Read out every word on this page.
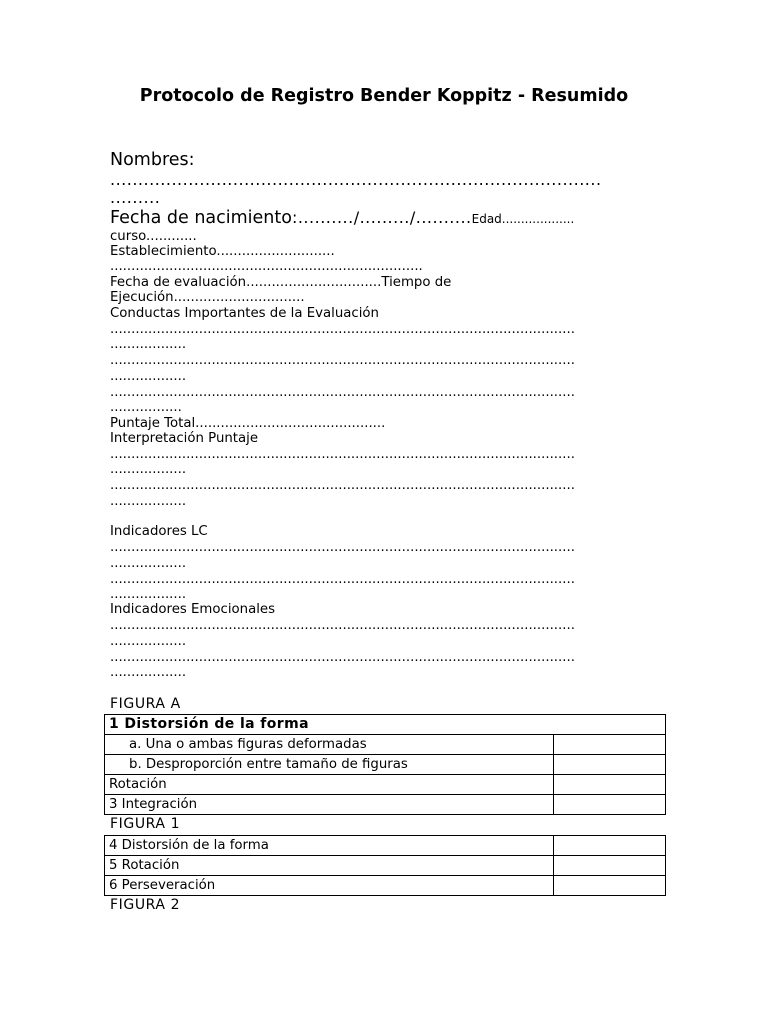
Protocolo de Registro Bender Koppitz - Resumido
Nombres:
........................................................................................
.........
Fecha de nacimiento:........../........./..........Edad...................
curso............
Establecimiento............................
..........................................................................
Fecha de evaluación................................Tiempo de
Ejecución...............................
Conductas Importantes de la Evaluación
..............................................................................................................
..................
..............................................................................................................
..................
..............................................................................................................
.................
Puntaje Total.............................................
Interpretación Puntaje
..............................................................................................................
..................
..............................................................................................................
..................
Indicadores LC
..............................................................................................................
..................
..............................................................................................................
..................
Indicadores Emocionales
..............................................................................................................
..................
..............................................................................................................
..................
FIGURA A
1 Distorsión de la forma	
a. Una o ambas figuras deformadas	
b. Desproporción entre tamaño de figuras	
Rotación	
3 Integración	
FIGURA 1
4 Distorsión de la forma	
5 Rotación	
6 Perseveración	
FIGURA 2
